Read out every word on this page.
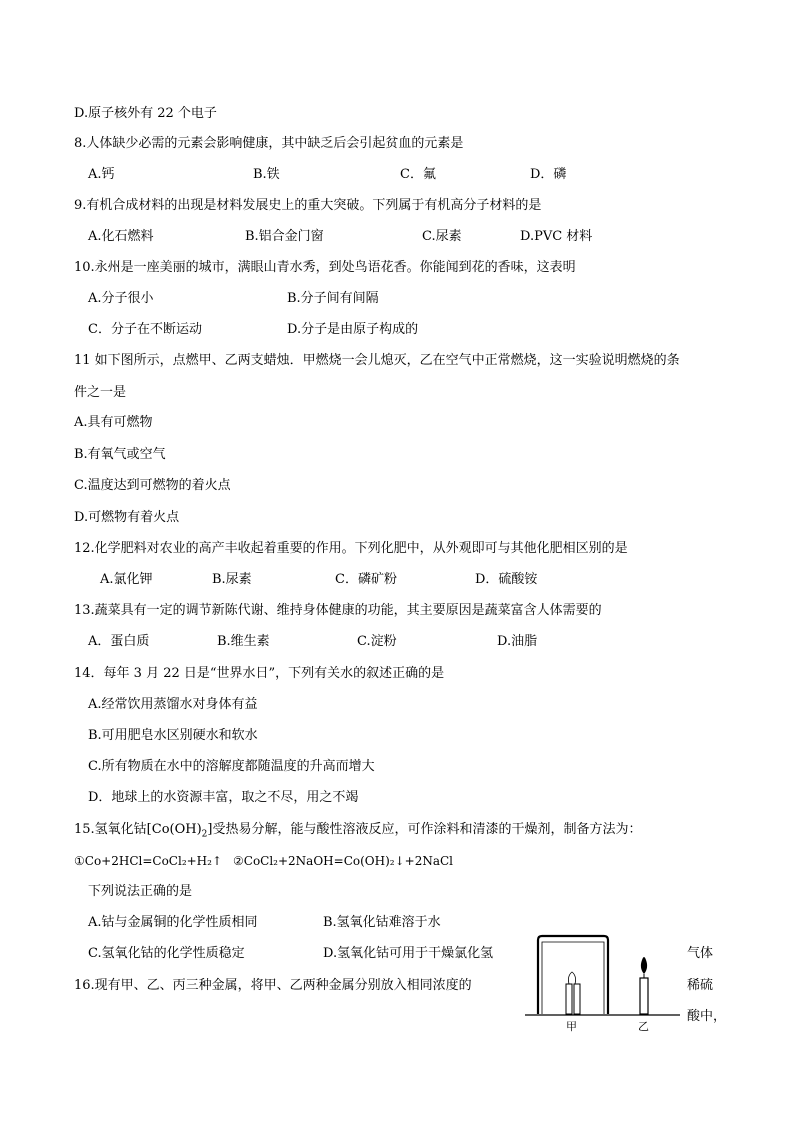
D.原子核外有 22 个电子
8.人体缺少必需的元素会影响健康，其中缺乏后会引起贫血的元素是
A.钙	B.铁	C．氟	D．磷
9.有机合成材料的出现是材料发展史上的重大突破。下列属于有机高分子材料的是
A.化石燃料	B.铝合金门窗	C.尿素	D.PVC 材料
10.永州是一座美丽的城市，满眼山青水秀，到处鸟语花香。你能闻到花的香味，这表明
A.分子很小	B.分子间有间隔
C．分子在不断运动	D.分子是由原子构成的
11 如下图所示，点燃甲、乙两支蜡烛．甲燃烧一会儿熄灭，乙在空气中正常燃烧，这一实验说明燃烧的条
件之一是
A.具有可燃物
B.有氧气或空气
C.温度达到可燃物的着火点
D.可燃物有着火点
12.化学肥料对农业的高产丰收起着重要的作用。下列化肥中，从外观即可与其他化肥相区别的是
A.氯化钾	B.尿素	C．磷矿粉	D．硫酸铵
13.蔬菜具有一定的调节新陈代谢、维持身体健康的功能，其主要原因是蔬菜富含人体需要的
A．蛋白质	B.维生素	C.淀粉	D.油脂
14．每年 3 月 22 日是“世界水日”，下列有关水的叙述正确的是
A.经常饮用蒸馏水对身体有益
B.可用肥皂水区别硬水和软水
C.所有物质在水中的溶解度都随温度的升高而增大
D．地球上的水资源丰富，取之不尽，用之不竭
15.氢氧化钴$[Co(OH)_2]$受热易分解，能与酸性溶液反应，可作涂料和清漆的干燥剂，制备方法为：
①Co+2HCl=CoCl₂+H₂↑ ②CoCl₂+2NaOH=Co(OH)₂↓+2NaCl
下列说法正确的是
A.钴与金属铜的化学性质相同	B.氢氧化钴难溶于水
C.氢氧化钴的化学性质稳定	D.氢氧化钴可用于干燥氯化氢	气体
16.现有甲、乙、丙三种金属，将甲、乙两种金属分别放入相同浓度的	稀硫
酸中，
甲	乙
